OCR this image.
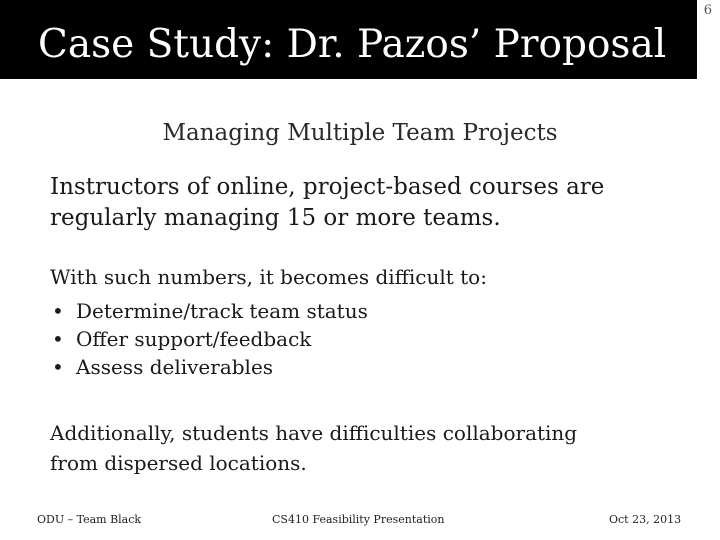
Case Study: Dr. Pazos’ Proposal
6
Managing Multiple Team Projects

Instructors of online, project-based courses are
regularly managing 15 or more teams.

With such numbers, it becomes difficult to:

• Determine/track team status
• Offer support/feedback
• Assess deliverables

Additionally, students have difficulties collaborating
from dispersed locations.

ODU – Team Black	CS410 Feasibility Presentation	Oct 23, 2013
